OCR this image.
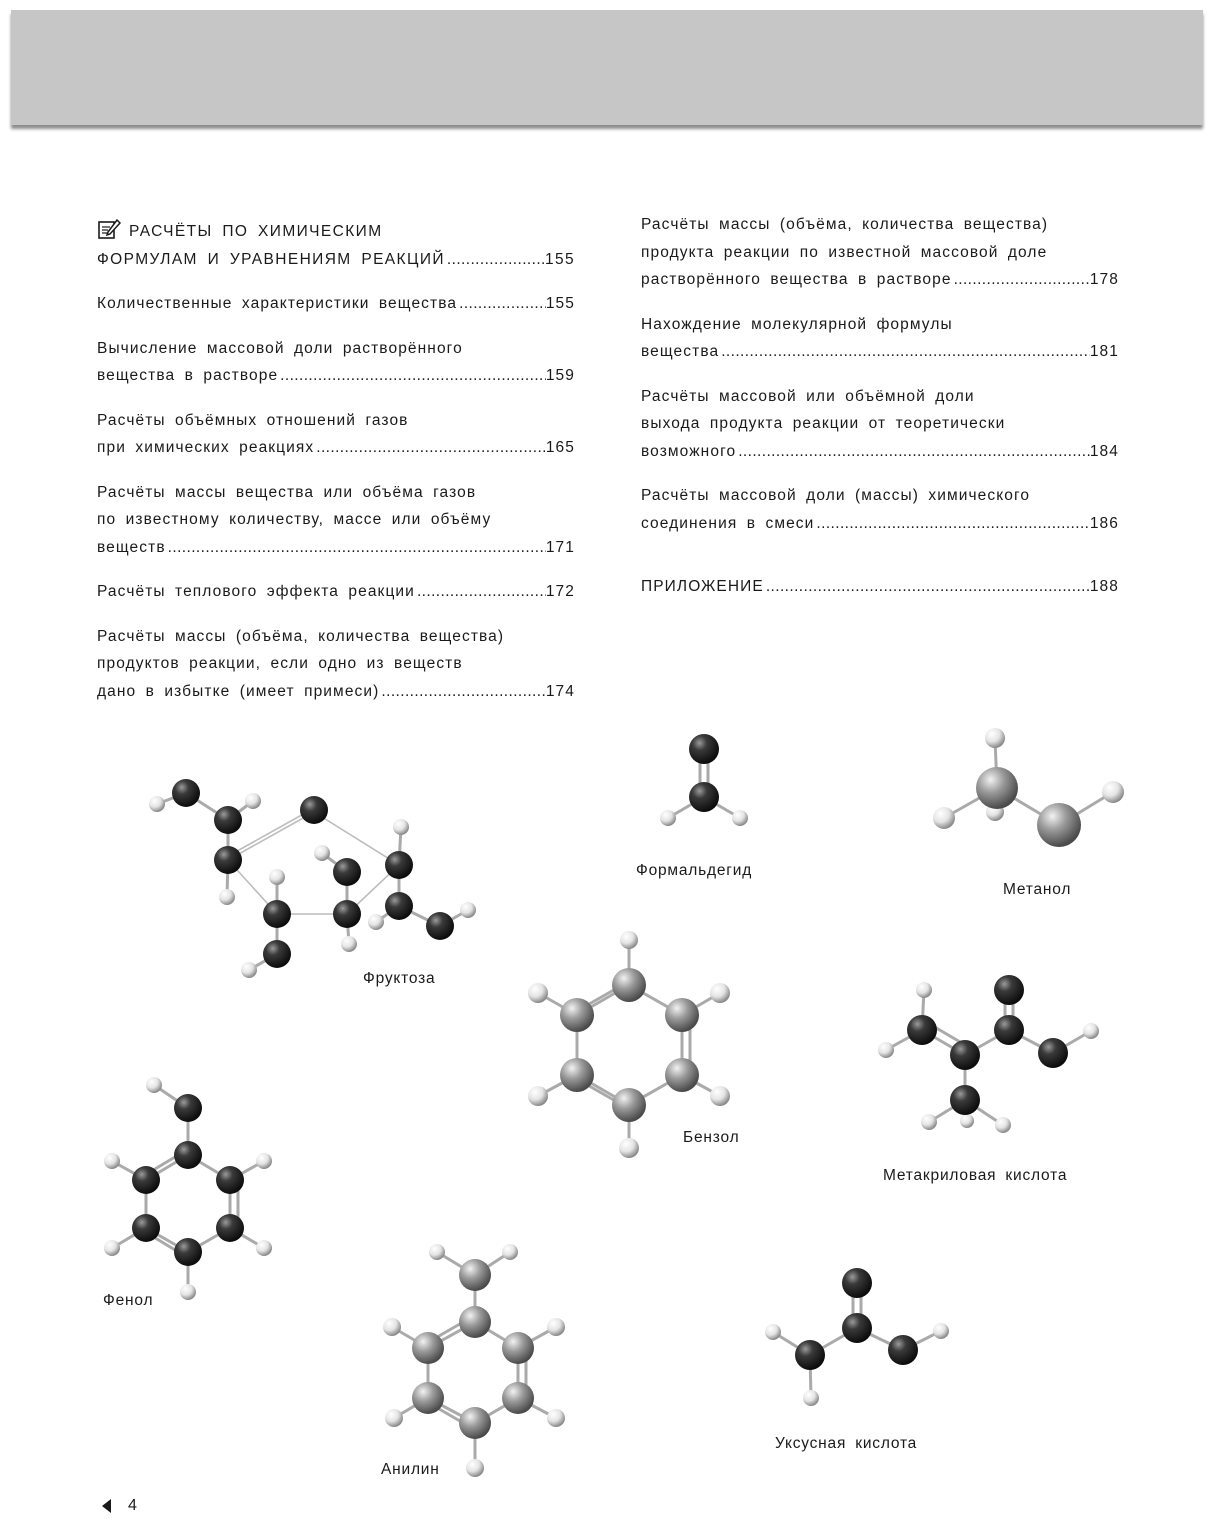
РАСЧЁТЫ ПО ХИМИЧЕСКИМ
ФОРМУЛАМ И УРАВНЕНИЯМ РЕАКЦИЙ .....	155
Количественные характеристики вещества .....	155
Вычисление массовой доли растворённого
вещества в растворе .....	159
Расчёты объёмных отношений газов
при химических реакциях .....	165
Расчёты массы вещества или объёма газов
по известному количеству, массе или объёму
веществ .....	171
Расчёты теплового эффекта реакции .....	172
Расчёты массы (объёма, количества вещества)
продуктов реакции, если одно из веществ
дано в избытке (имеет примеси) .....	174
Расчёты массы (объёма, количества вещества)
продукта реакции по известной массовой доле
растворённого вещества в растворе .....	178
Нахождение молекулярной формулы
вещества .....	181
Расчёты массовой или объёмной доли
выхода продукта реакции от теоретически
возможного .....	184
Расчёты массовой доли (массы) химического
соединения в смеси .....	186
ПРИЛОЖЕНИЕ .....	188
Фруктоза
Формальдегид
Метанол
Бензол
Метакриловая кислота
Фенол
Анилин
Уксусная кислота
4
